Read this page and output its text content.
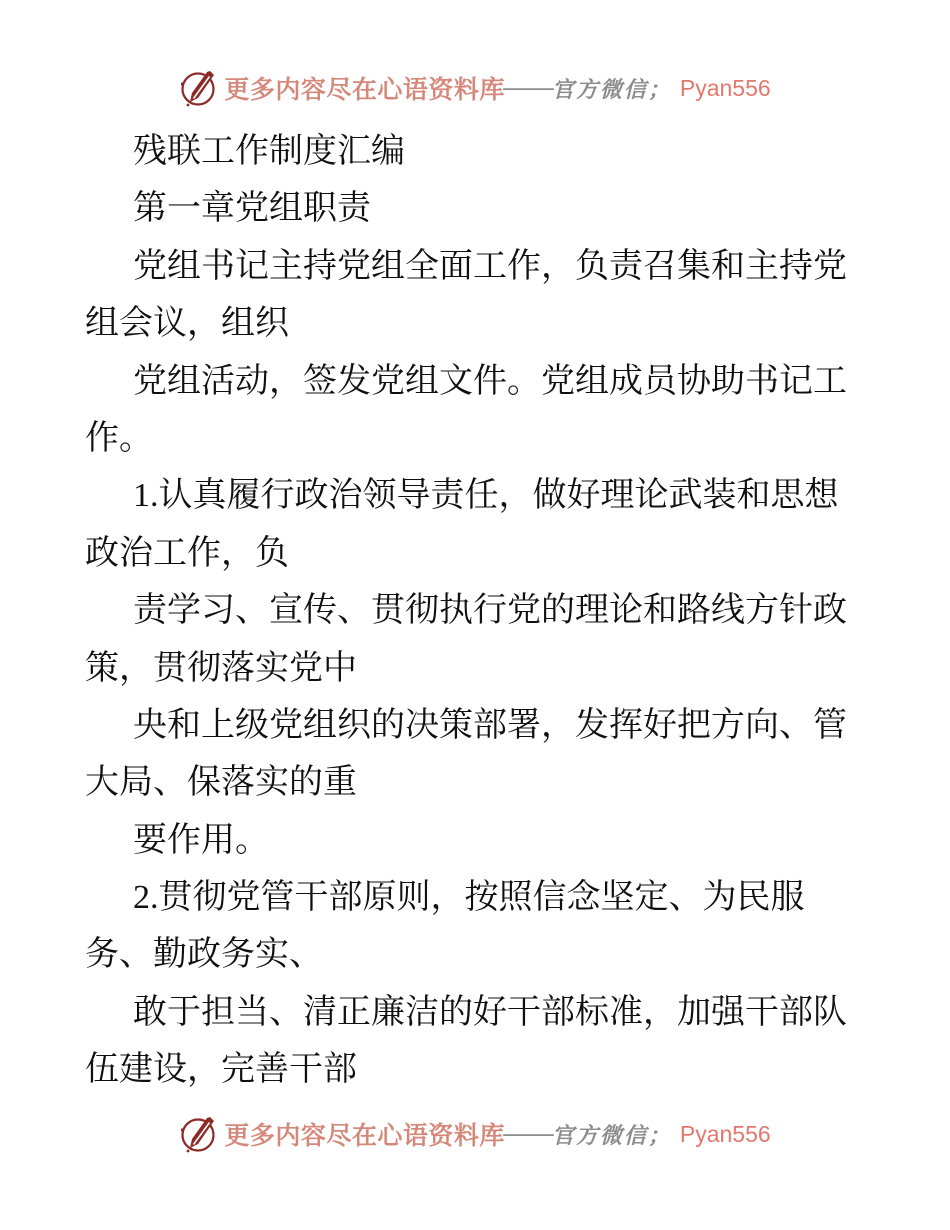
更多内容尽在心语资料库
—
官方微信； Pyan556
残联工作制度汇编
第一章党组职责
党组书记主持党组全面工作，负责召集和主持党
组会议，组织
党组活动，签发党组文件。党组成员协助书记工
作。
1.认真履行政治领导责任，做好理论武装和思想
政治工作，负
责学习、宣传、贯彻执行党的理论和路线方针政
策，贯彻落实党中
央和上级党组织的决策部署，发挥好把方向、管
大局、保落实的重
要作用。
2.贯彻党管干部原则，按照信念坚定、为民服
务、勤政务实、
敢于担当、清正廉洁的好干部标准，加强干部队
伍建设，完善干部
更多内容尽在心语资料库
—
官方微信； Pyan556
